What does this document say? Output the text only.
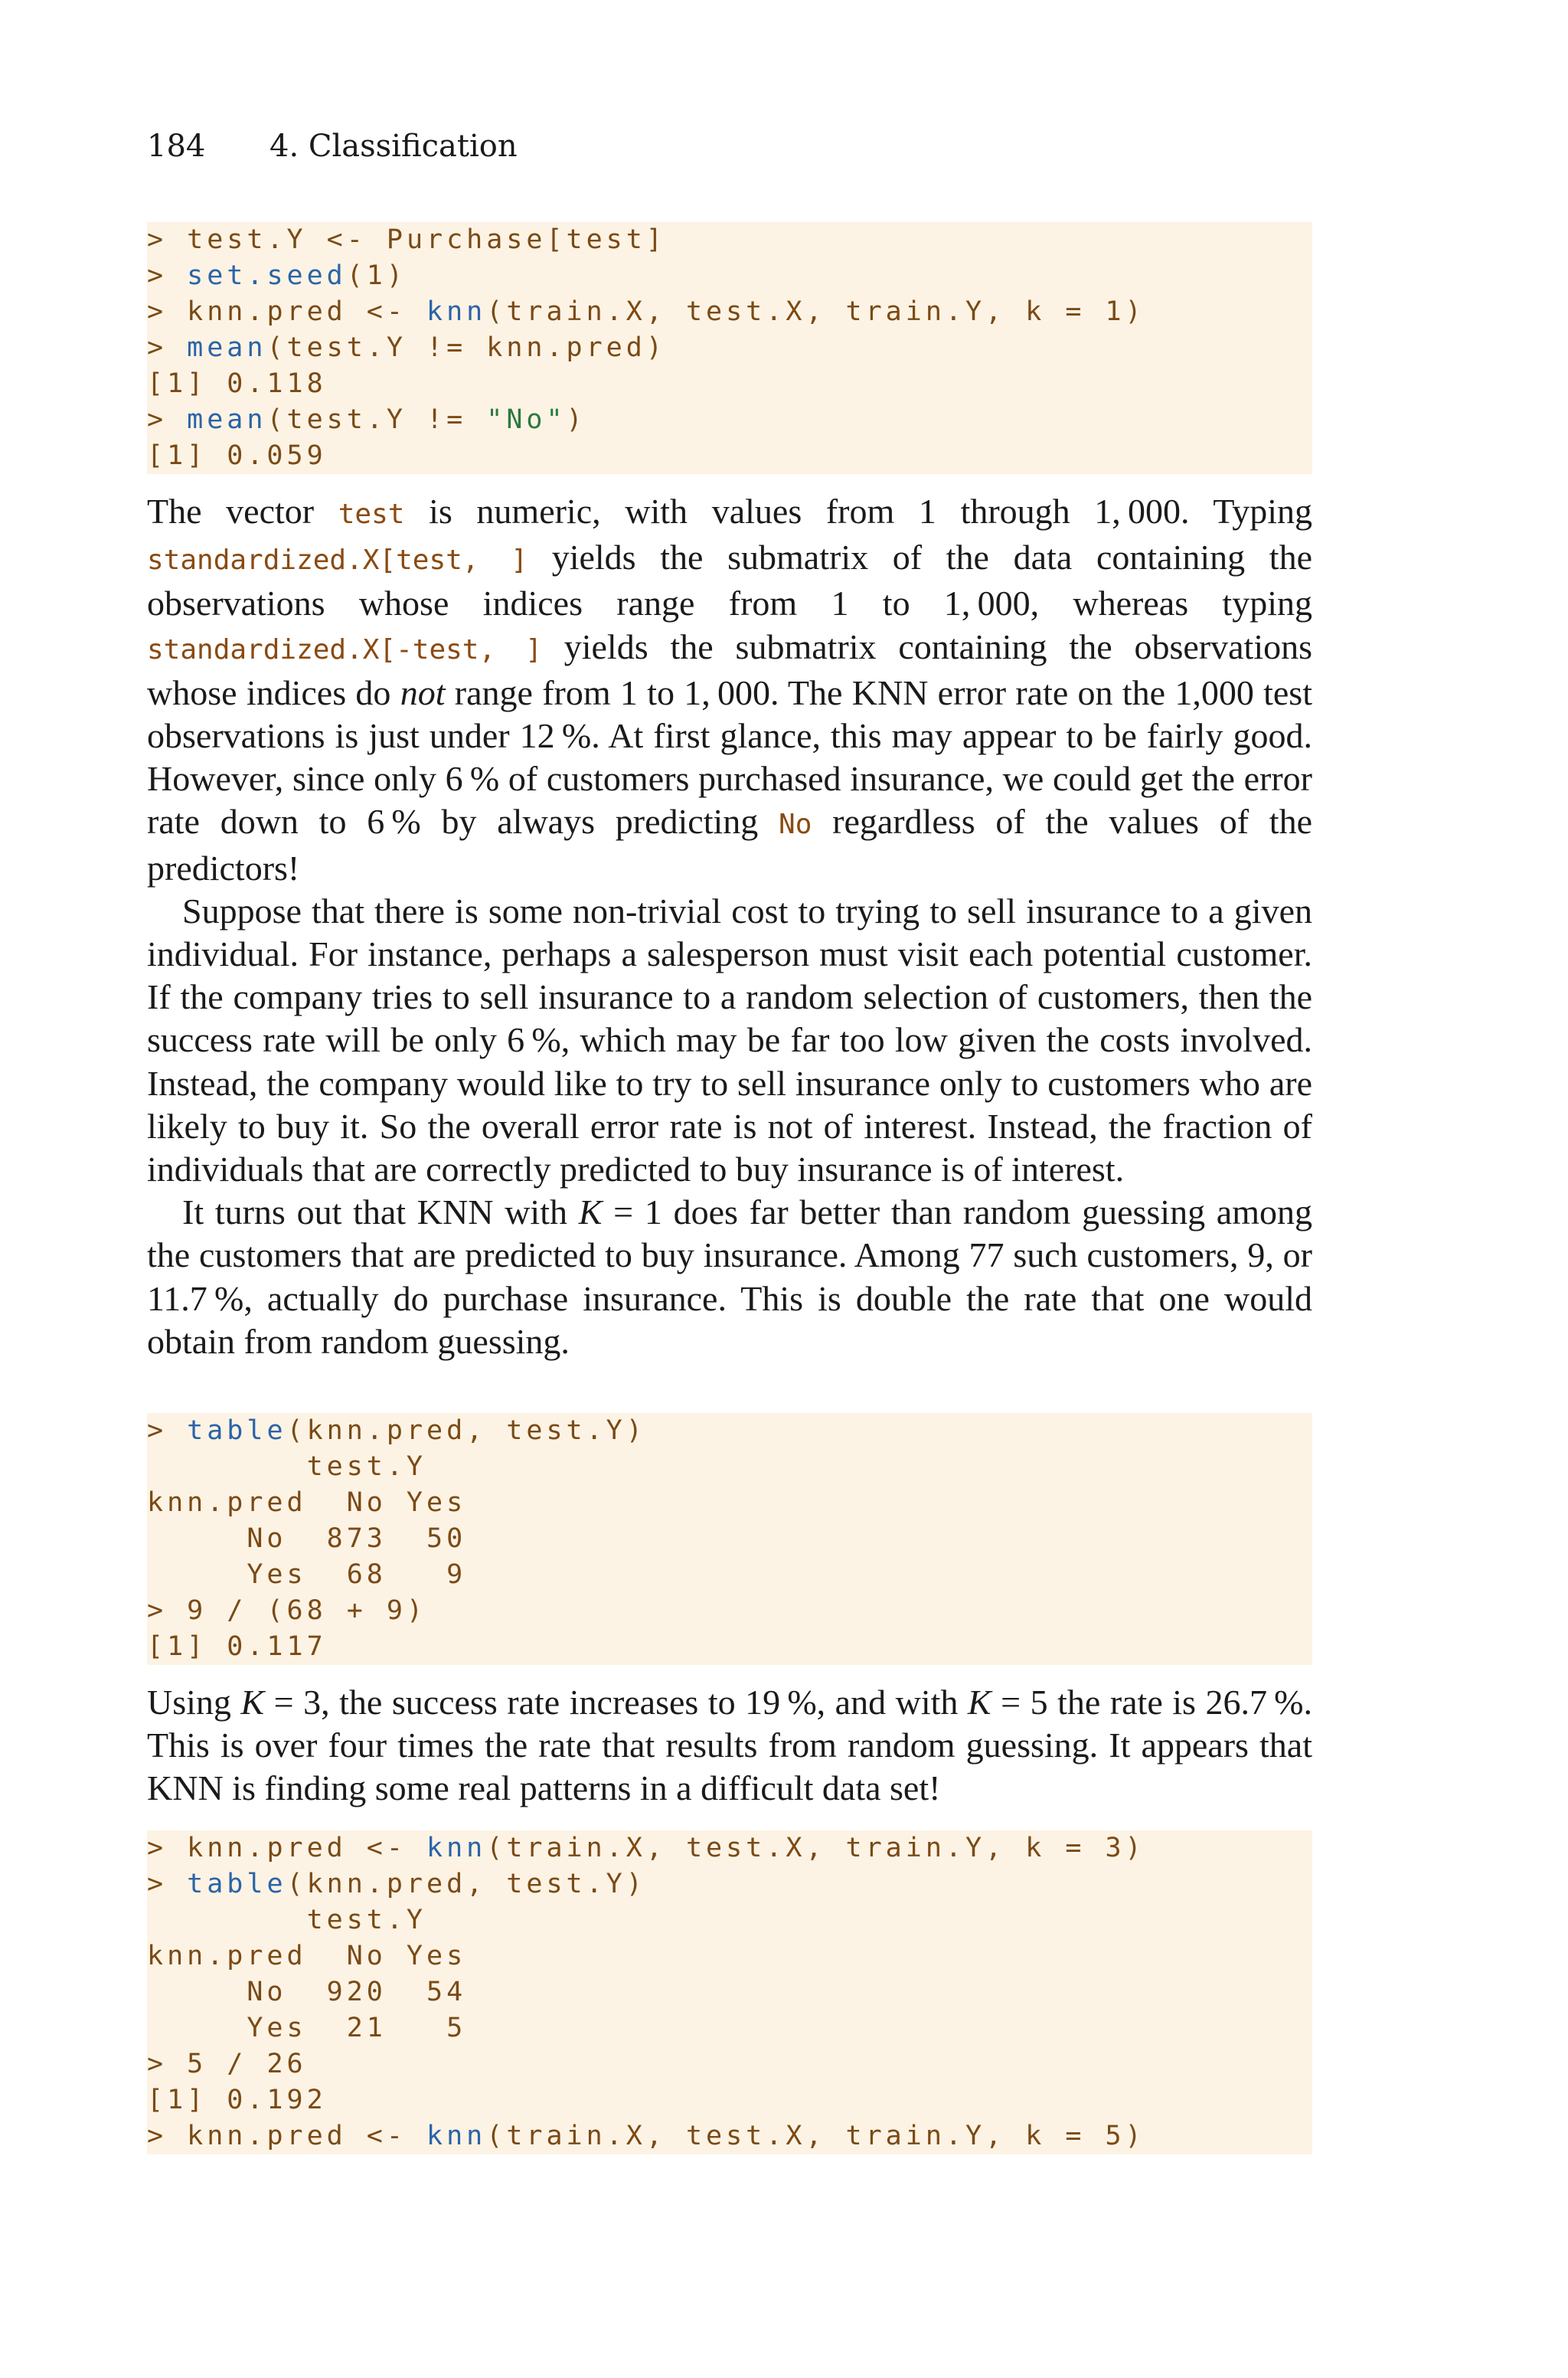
184 4. Classification
> test.Y <- Purchase[test]
> set.seed(1)
> knn.pred <- knn(train.X, test.X, train.Y, k = 1)
> mean(test.Y != knn.pred)
[1] 0.118
> mean(test.Y != "No")
[1] 0.059

The vector test is numeric, with values from 1 through 1, 000. Typing standardized.X[test, ] yields the submatrix of the data containing the observations whose indices range from 1 to 1, 000, whereas typing standardized.X[-test, ] yields the submatrix containing the observations whose indices do not range from 1 to 1, 000. The KNN error rate on the 1,000 test observations is just under 12 %. At first glance, this may appear to be fairly good. However, since only 6 % of customers purchased insurance, we could get the error rate down to 6 % by always predicting No regardless of the values of the predictors!

Suppose that there is some non-trivial cost to trying to sell insurance to a given individual. For instance, perhaps a salesperson must visit each potential customer. If the company tries to sell insurance to a random selection of customers, then the success rate will be only 6 %, which may be far too low given the costs involved. Instead, the company would like to try to sell insurance only to customers who are likely to buy it. So the overall error rate is not of interest. Instead, the fraction of individuals that are correctly predicted to buy insurance is of interest.

It turns out that KNN with K = 1 does far better than random guessing among the customers that are predicted to buy insurance. Among 77 such customers, 9, or 11.7 %, actually do purchase insurance. This is double the rate that one would obtain from random guessing.

> table(knn.pred, test.Y)
test.Y
knn.pred  No Yes
No  873  50
Yes  68   9
> 9 / (68 + 9)
[1] 0.117

Using K = 3, the success rate increases to 19 %, and with K = 5 the rate is 26.7 %. This is over four times the rate that results from random guessing. It appears that KNN is finding some real patterns in a difficult data set!

> knn.pred <- knn(train.X, test.X, train.Y, k = 3)
> table(knn.pred, test.Y)
test.Y
knn.pred  No Yes
No  920  54
Yes  21   5
> 5 / 26
[1] 0.192
> knn.pred <- knn(train.X, test.X, train.Y, k = 5)
